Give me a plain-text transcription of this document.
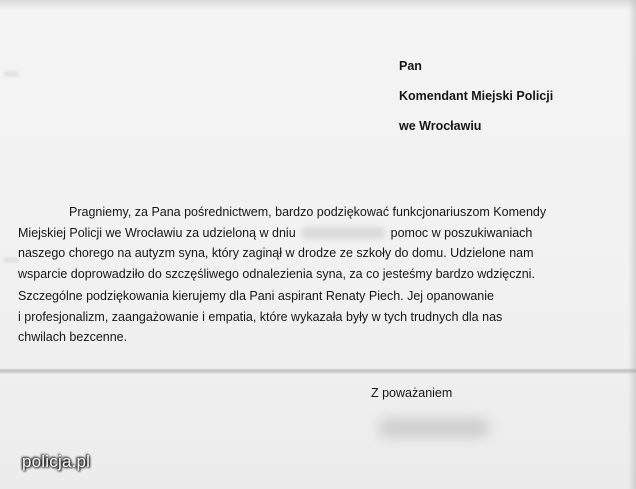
Pan
Komendant Miejski Policji
we Wrocławiu
Pragniemy, za Pana pośrednictwem, bardzo podziękować funkcjonariuszom Komendy
Miejskiej Policji we Wrocławiu za udzieloną w dniu	pomoc w poszukiwaniach
naszego chorego na autyzm syna, który zaginął w drodze ze szkoły do domu. Udzielone nam
wsparcie doprowadziło do szczęśliwego odnalezienia syna, za co jesteśmy bardzo wdzięczni.
Szczególne podziękowania kierujemy dla Pani aspirant Renaty Piech. Jej opanowanie
i profesjonalizm, zaangażowanie i empatia, które wykazała były w tych trudnych dla nas
chwilach bezcenne.
Z poważaniem
policja.pl
